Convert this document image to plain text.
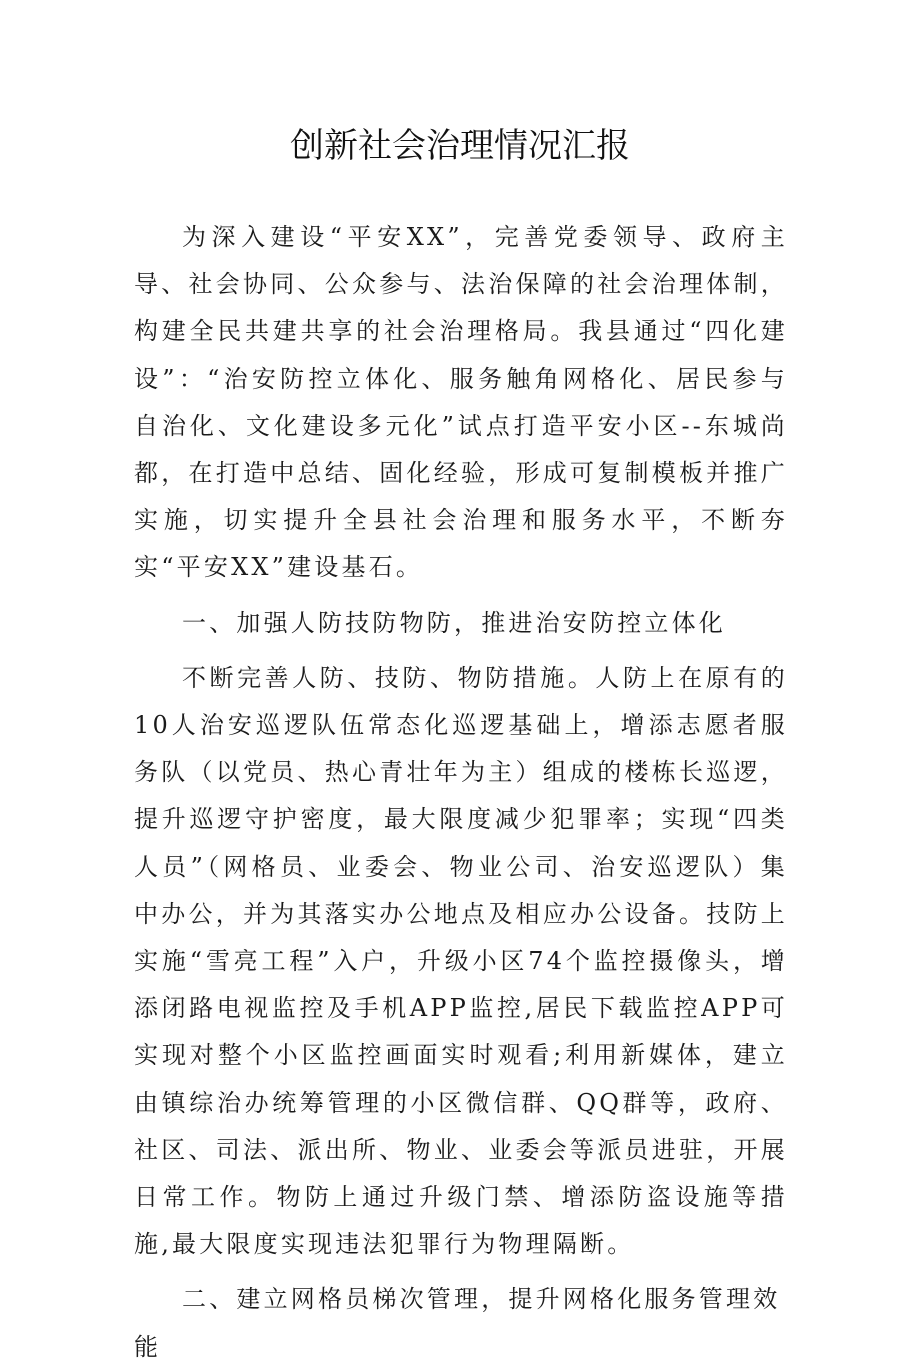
创新社会治理情况汇报

为深入建设“平安XX”，完善党委领导、政府主导、社会协同、公众参与、法治保障的社会治理体制，构建全民共建共享的社会治理格局。我县通过“四化建设”：“治安防控立体化、服务触角网格化、居民参与自治化、文化建设多元化”试点打造平安小区--东城尚都，在打造中总结、固化经验，形成可复制模板并推广实施，切实提升全县社会治理和服务水平，不断夯实“平安XX”建设基石。

一、加强人防技防物防，推进治安防控立体化

不断完善人防、技防、物防措施。人防上在原有的10人治安巡逻队伍常态化巡逻基础上，增添志愿者服务队（以党员、热心青壮年为主）组成的楼栋长巡逻，提升巡逻守护密度，最大限度减少犯罪率；实现“四类人员”（网格员、业委会、物业公司、治安巡逻队）集中办公，并为其落实办公地点及相应办公设备。技防上实施“雪亮工程”入户，升级小区74个监控摄像头，增添闭路电视监控及手机APP监控,居民下载监控APP可实现对整个小区监控画面实时观看;利用新媒体，建立由镇综治办统筹管理的小区微信群、QQ群等，政府、社区、司法、派出所、物业、业委会等派员进驻，开展日常工作。物防上通过升级门禁、增添防盗设施等措施,最大限度实现违法犯罪行为物理隔断。

二、建立网格员梯次管理，提升网格化服务管理效能
